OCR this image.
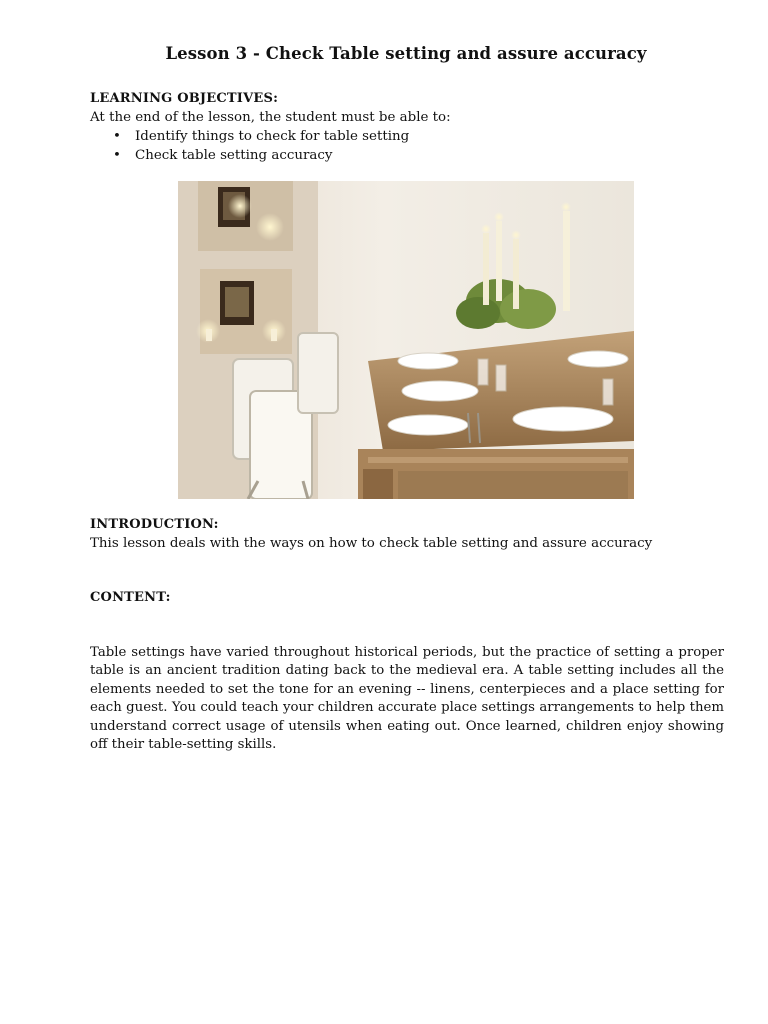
Lesson 3 - Check Table setting and assure accuracy
LEARNING OBJECTIVES:
At the end of the lesson, the student must be able to:
• Identify things to check for table setting
• Check table setting accuracy
INTRODUCTION:
This lesson deals with the ways on how to check table setting and assure accuracy
CONTENT:
Table settings have varied throughout historical periods, but the practice of setting a proper table is an ancient tradition dating back to the medieval era. A table setting includes all the elements needed to set the tone for an evening -- linens, centerpieces and a place setting for each guest. You could teach your children accurate place settings arrangements to help them understand correct usage of utensils when eating out. Once learned, children enjoy showing off their table-setting skills.
